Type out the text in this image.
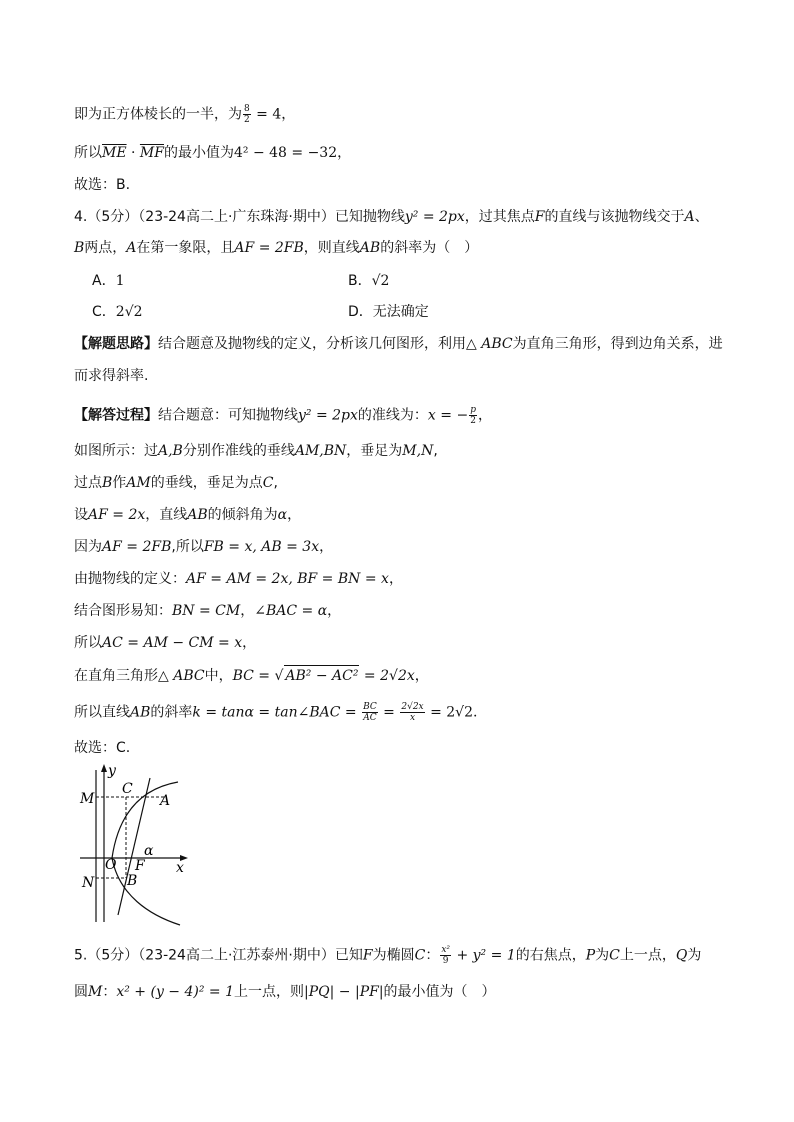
即为正方体棱长的一半，为 $\frac{8}{2} = 4$，
所以$\overline{ME} \cdot \overline{MF}$的最小值为4² − 48 = −32，
故选：B.
4.（5分）（23-24高二上·广东珠海·期中）已知抛物线y² = 2px，过其焦点F的直线与该抛物线交于A、
B两点，A在第一象限，且AF = 2FB，则直线AB的斜率为（　）
A．1	B．√2
C．2√2	D．无法确定
【解题思路】结合题意及抛物线的定义，分析该几何图形，利用△ ABC为直角三角形，得到边角关系，进
而求得斜率.
【解答过程】结合题意：可知抛物线y² = 2px的准线为：x = − $\frac{p}{2}$ ，
如图所示：过A,B分别作准线的垂线AM,BN，垂足为M,N,
过点B作AM的垂线，垂足为点C,
设AF = 2x，直线AB的倾斜角为α，
因为AF = 2FB,所以FB = x, AB = 3x，
由抛物线的定义：AF = AM = 2x, BF = BN = x，
结合图形易知：BN = CM，∠BAC = α，
所以AC = AM − CM = x，
在直角三角形△ ABC中，BC = √ AB² − AC² = 2√2x，
所以直线AB的斜率k = tanα = tan∠BAC = $\frac{BC}{AC} = \frac{2√2x}{x} = 2√2$.
故选：C.
y
x
M
C
A
O F
α
N B
5.（5分）（23-24高二上·江苏泰州·期中）已知F为椭圆C： $\frac{\text{x²}}{9} + y^2 = 1$的右焦点，P为C上一点，Q为
圆M：x² + (y − 4)² = 1上一点，则|PQ| − |PF|的最小值为（　）
